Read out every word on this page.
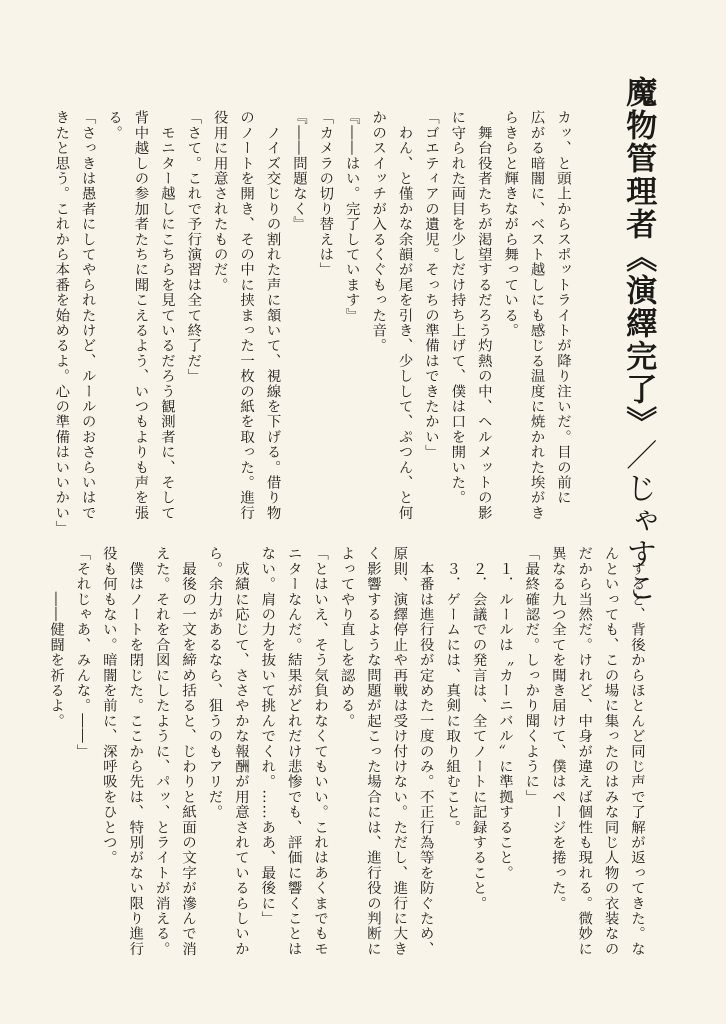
魔物管理者《演繹完了》／じゃすこ

カッ、と頭上からスポットライトが降り注いだ。目の前に

広がる暗闇に、ベスト越しにも感じる温度に焼かれた埃がき

らきらと輝きながら舞っている。

　舞台役者たちが渇望するだろう灼熱の中、ヘルメットの影

に守られた両目を少しだけ持ち上げて、僕は口を開いた。

「ゴエティアの遺児。そっちの準備はできたかい」

　わん、と僅かな余韻が尾を引き、少しして、ぷつん、と何

かのスイッチが入るくぐもった音。

『――はい。完了しています』

「カメラの切り替えは」

『――問題なく』

　ノイズ交じりの割れた声に頷いて、視線を下げる。借り物

のノートを開き、その中に挟まった一枚の紙を取った。進行

役用に用意されたものだ。

「さて。これで予行演習は全て終了だ」

　モニター越しにこちらを見ているだろう観測者に、そして

背中越しの参加者たちに聞こえるよう、いつもよりも声を張

る。

「さっきは愚者にしてやられたけど、ルールのおさらいはで

きたと思う。これから本番を始めるよ。心の準備はいいかい」

　すると、背後からほとんど同じ声で了解が返ってきた。な

んといっても、この場に集ったのはみな同じ人物の衣装なの

だから当然だ。けれど、中身が違えば個性も現れる。微妙に

異なる九つ全てを聞き届けて、僕はページを捲った。

「最終確認だ。しっかり聞くように」

　１．ルールは〝カーニバル〟に準拠すること。

　２．会議での発言は、全てノートに記録すること。

　３．ゲームには、真剣に取り組むこと。

　本番は進行役が定めた一度のみ。不正行為等を防ぐため、

原則、演繹停止や再戦は受け付けない。ただし、進行に大き

く影響するような問題が起こった場合には、進行役の判断に

よってやり直しを認める。

「とはいえ、そう気負わなくてもいい。これはあくまでもモ

ニターなんだ。結果がどれだけ悲惨でも、評価に響くことは

ない。肩の力を抜いて挑んでくれ。……ああ、最後に」

　成績に応じて、ささやかな報酬が用意されているらしいか

ら。余力があるなら、狙うのもアリだ。

　最後の一文を締め括ると、じわりと紙面の文字が滲んで消

えた。それを合図にしたように、パッ、とライトが消える。

　僕はノートを閉じた。ここから先は、特別がない限り進行

役も何もない。暗闇を前に、深呼吸をひとつ。

「それじゃあ、みんな。――」

　　　――健闘を祈るよ。
